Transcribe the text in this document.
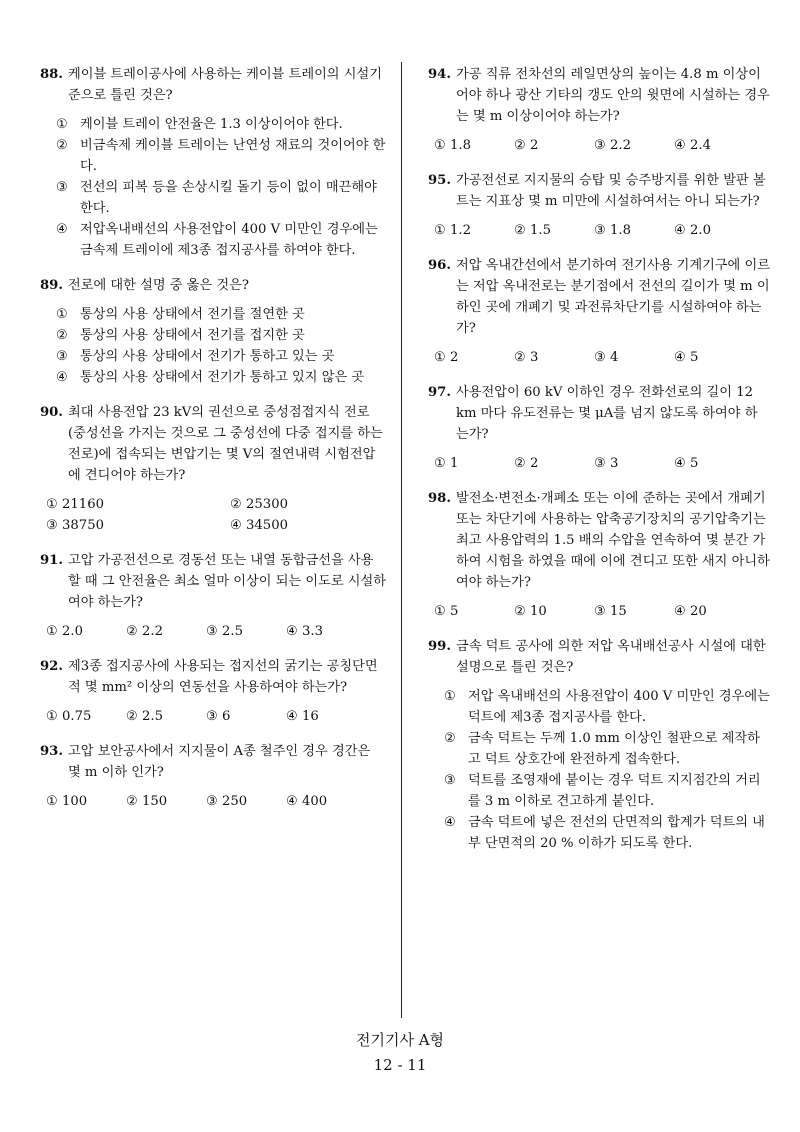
88. 케이블 트레이공사에 사용하는 케이블 트레이의 시설기준으로 틀린 것은?
① 케이블 트레이 안전율은 1.3 이상이어야 한다.
② 비금속제 케이블 트레이는 난연성 재료의 것이어야 한다.
③ 전선의 피복 등을 손상시킬 돌기 등이 없이 매끈해야 한다.
④ 저압옥내배선의 사용전압이 400 V 미만인 경우에는 금속제 트레이에 제3종 접지공사를 하여야 한다.
89. 전로에 대한 설명 중 옳은 것은?
① 통상의 사용 상태에서 전기를 절연한 곳
② 통상의 사용 상태에서 전기를 접지한 곳
③ 통상의 사용 상태에서 전기가 통하고 있는 곳
④ 통상의 사용 상태에서 전기가 통하고 있지 않은 곳
90. 최대 사용전압 23 kV의 권선으로 중성점접지식 전로(중성선을 가지는 것으로 그 중성선에 다중 접지를 하는 전로)에 접속되는 변압기는 몇 V의 절연내력 시험전압에 견디어야 하는가?
① 21160	② 25300
③ 38750	④ 34500
91. 고압 가공전선으로 경동선 또는 내열 동합금선을 사용할 때 그 안전율은 최소 얼마 이상이 되는 이도로 시설하여야 하는가?
① 2.0	② 2.2	③ 2.5	④ 3.3
92. 제3종 접지공사에 사용되는 접지선의 굵기는 공칭단면적 몇 mm² 이상의 연동선을 사용하여야 하는가?
① 0.75	② 2.5	③ 6	④ 16
93. 고압 보안공사에서 지지물이 A종 철주인 경우 경간은 몇 m 이하 인가?
① 100	② 150	③ 250	④ 400
94. 가공 직류 전차선의 레일면상의 높이는 4.8 m 이상이어야 하나 광산 기타의 갱도 안의 윗면에 시설하는 경우는 몇 m 이상이어야 하는가?
① 1.8	② 2	③ 2.2	④ 2.4
95. 가공전선로 지지물의 승탑 및 승주방지를 위한 발판 볼트는 지표상 몇 m 미만에 시설하여서는 아니 되는가?
① 1.2	② 1.5	③ 1.8	④ 2.0
96. 저압 옥내간선에서 분기하여 전기사용 기계기구에 이르는 저압 옥내전로는 분기점에서 전선의 길이가 몇 m 이하인 곳에 개폐기 및 과전류차단기를 시설하여야 하는가?
① 2	② 3	③ 4	④ 5
97. 사용전압이 60 kV 이하인 경우 전화선로의 길이 12 km 마다 유도전류는 몇 μA를 넘지 않도록 하여야 하는가?
① 1	② 2	③ 3	④ 5
98. 발전소·변전소·개폐소 또는 이에 준하는 곳에서 개폐기 또는 차단기에 사용하는 압축공기장치의 공기압축기는 최고 사용압력의 1.5 배의 수압을 연속하여 몇 분간 가하여 시험을 하였을 때에 이에 견디고 또한 새지 아니하여야 하는가?
① 5	② 10	③ 15	④ 20
99. 금속 덕트 공사에 의한 저압 옥내배선공사 시설에 대한 설명으로 틀린 것은?
① 저압 옥내배선의 사용전압이 400 V 미만인 경우에는 덕트에 제3종 접지공사를 한다.
② 금속 덕트는 두께 1.0 mm 이상인 철판으로 제작하고 덕트 상호간에 완전하게 접속한다.
③ 덕트를 조영재에 붙이는 경우 덕트 지지점간의 거리를 3 m 이하로 견고하게 붙인다.
④ 금속 덕트에 넣은 전선의 단면적의 합계가 덕트의 내부 단면적의 20 % 이하가 되도록 한다.
전기기사 A형
12 - 11
